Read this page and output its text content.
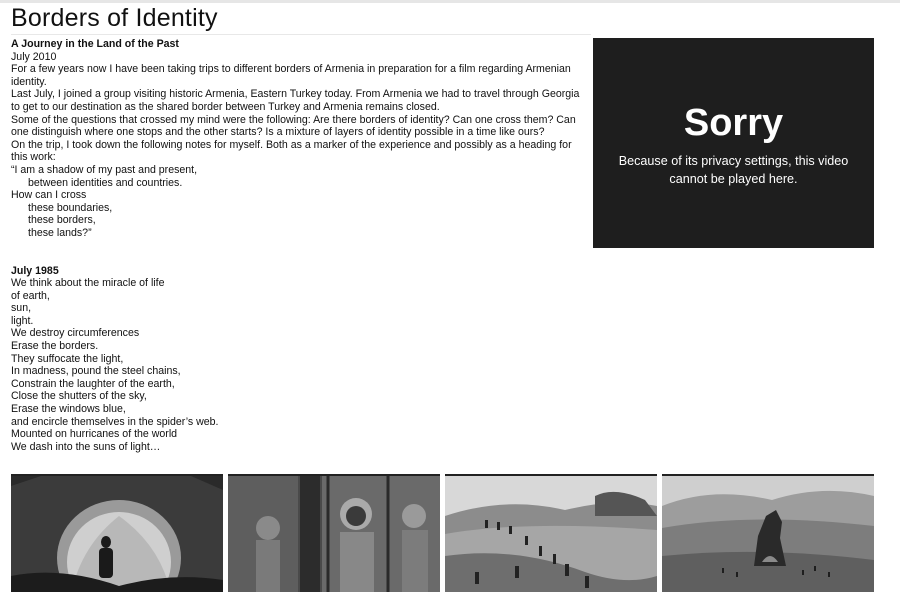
Borders of Identity

A Journey in the Land of the Past

July 2010

For a few years now I have been taking trips to different borders of Armenia in preparation for a film regarding Armenian identity.

Last July, I joined a group visiting historic Armenia, Eastern Turkey today. From Armenia we had to travel through Georgia to get to our destination as the shared border between Turkey and Armenia remains closed.

Some of the questions that crossed my mind were the following: Are there borders of identity? Can one cross them? Can one distinguish where one stops and the other starts? Is a mixture of layers of identity possible in a time like ours?

On the trip, I took down the following notes for myself. Both as a marker of the experience and possibly as a heading for this work:

“I am a shadow of my past and present,

between identities and countries.

How can I cross

these boundaries,

these borders,

these lands?”

July 1985

We think about the miracle of life

of earth,

sun,

light.

We destroy circumferences

Erase the borders.

They suffocate the light,

In madness, pound the steel chains,

Constrain the laughter of the earth,

Close the shutters of the sky,

Erase the windows blue,

and encircle themselves in the spider’s web.

Mounted on hurricanes of the world

We dash into the suns of light…

Sorry
Because of its privacy settings, this video cannot be played here.
